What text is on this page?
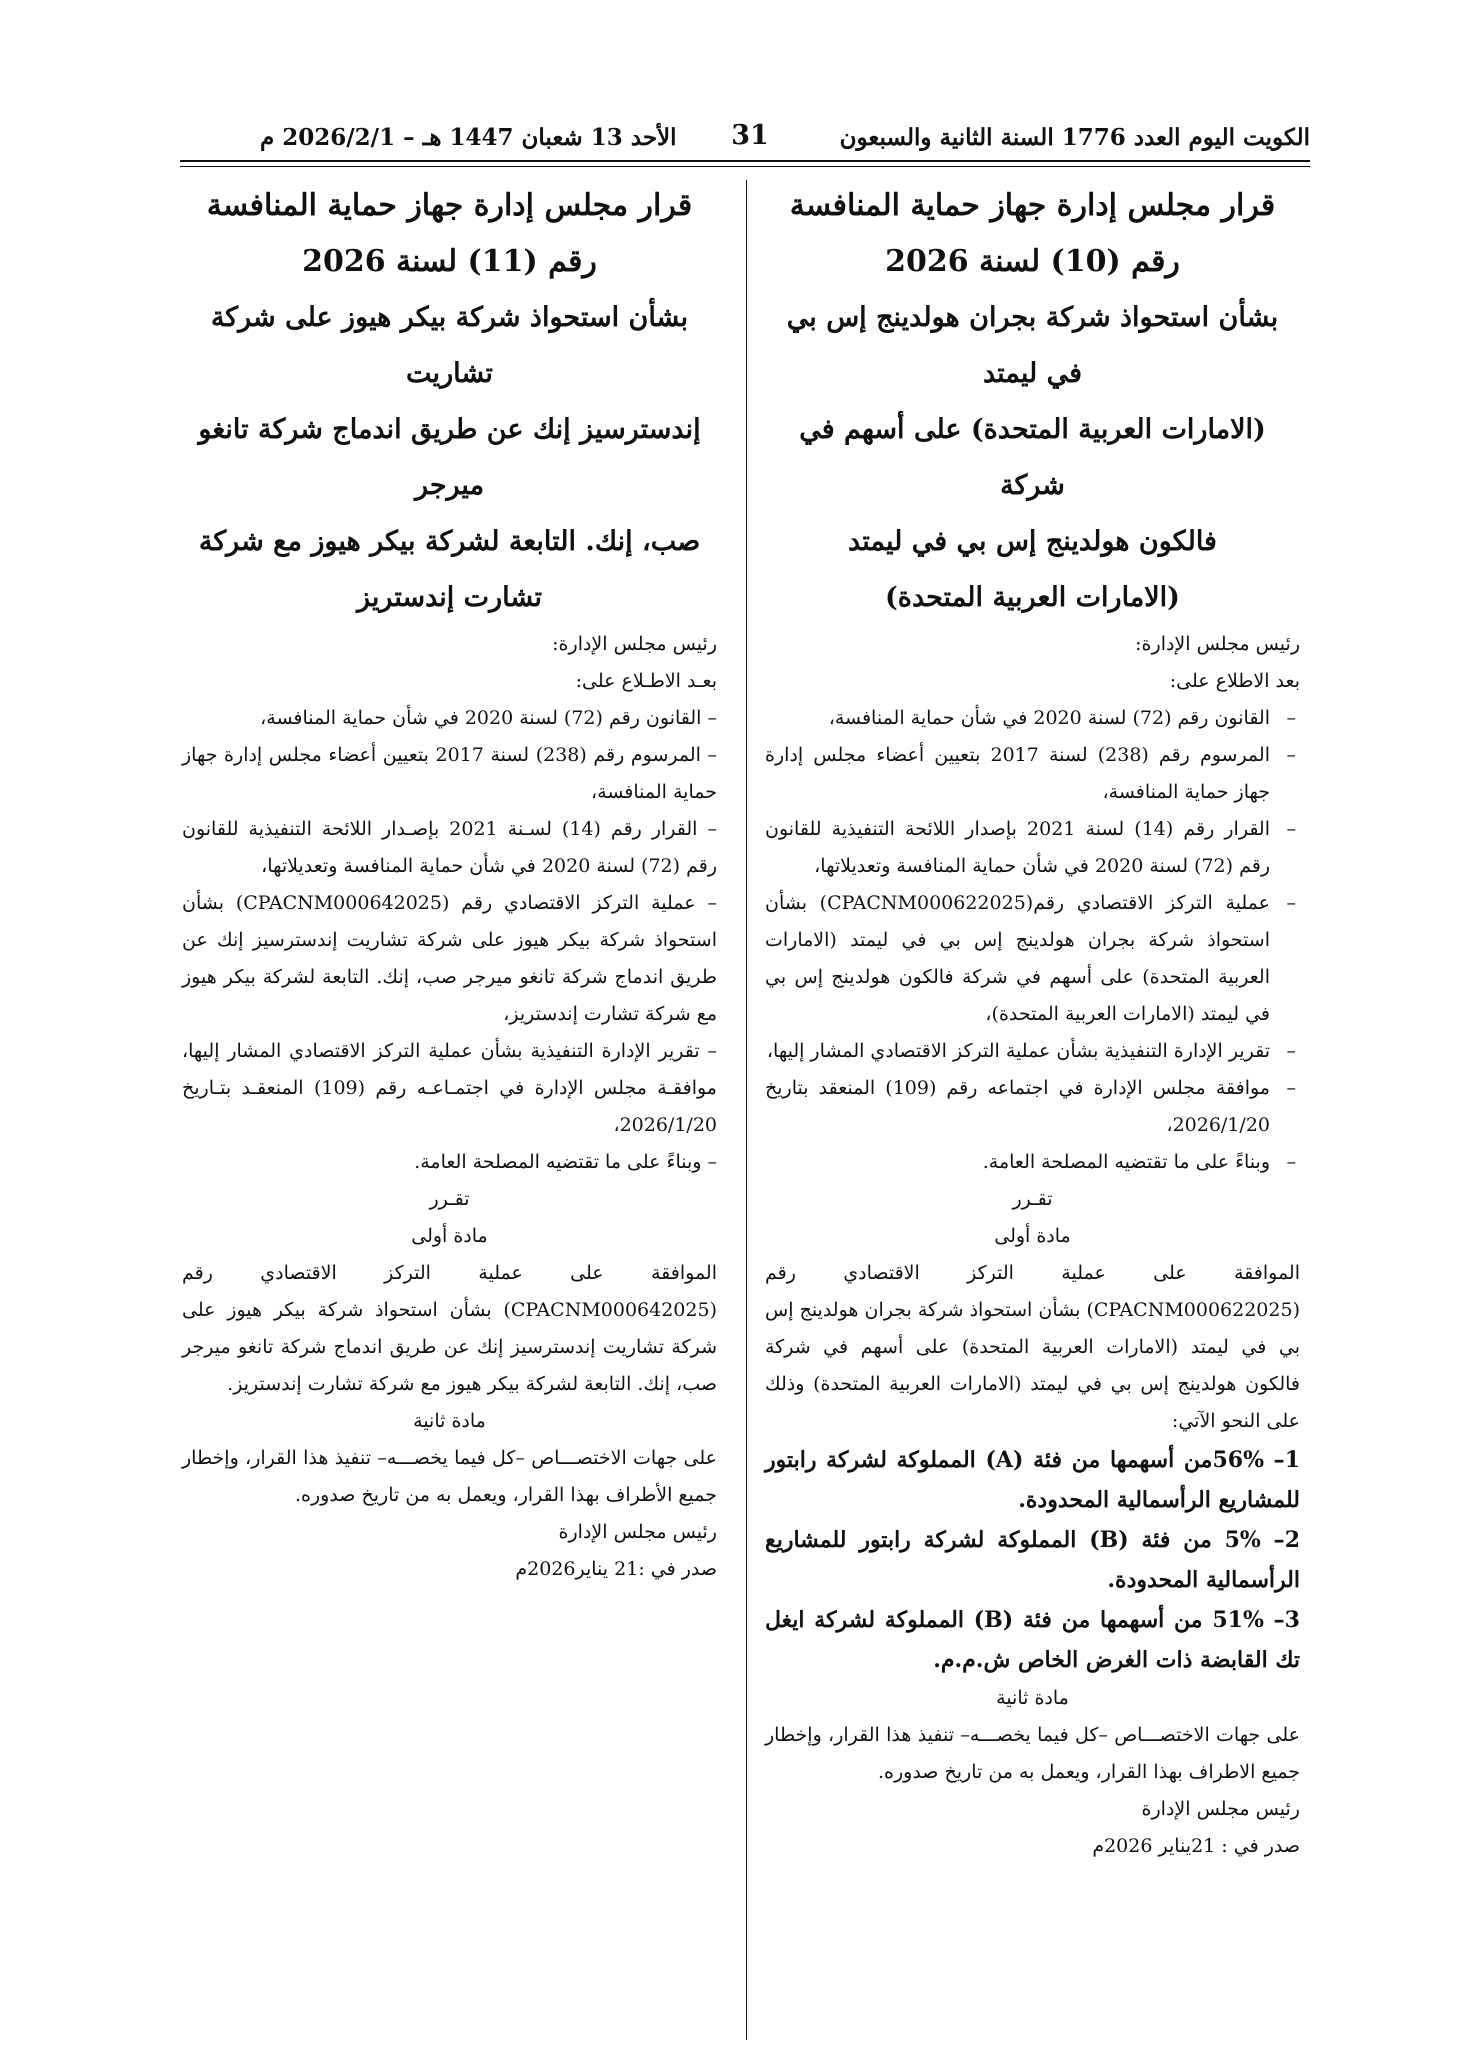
الكويت اليوم العدد 1776 السنة الثانية والسبعون
31
الأحد 13 شعبان 1447 هـ – 2026/2/1 م
قرار مجلس إدارة جهاز حماية المنافسة
رقم (10) لسنة 2026
بشأن استحواذ شركة بجران هولدينج إس بي في ليمتد
(الامارات العربية المتحدة) على أسهم في شركة
فالكون هولدينج إس بي في ليمتد
(الامارات العربية المتحدة)

رئيس مجلس الإدارة:

بعد الاطلاع على:

–
القانون رقم (72) لسنة 2020 في شأن حماية المنافسة،
–
المرسوم رقم (238) لسنة 2017 بتعيين أعضاء مجلس إدارة جهاز حماية المنافسة،
–
القرار رقم (14) لسنة 2021 بإصدار اللائحة التنفيذية للقانون رقم (72) لسنة 2020 في شأن حماية المنافسة وتعديلاتها،
–
عملية التركز الاقتصادي رقم(CPACNM000622025) بشأن استحواذ شركة بجران هولدينج إس بي في ليمتد (الامارات العربية المتحدة) على أسهم في شركة فالكون هولدينج إس بي في ليمتد (الامارات العربية المتحدة)،
–
تقرير الإدارة التنفيذية بشأن عملية التركز الاقتصادي المشار إليها،
–
موافقة مجلس الإدارة في اجتماعه رقم (109) المنعقد بتاريخ 2026/1/20،
–
وبناءً على ما تقتضيه المصلحة العامة.
تقـرر
مادة أولى

الموافقة على عملية التركز الاقتصادي رقم (CPACNM000622025) بشأن استحواذ شركة بجران هولدينج إس بي في ليمتد (الامارات العربية المتحدة) على أسهم في شركة فالكون هولدينج إس بي في ليمتد (الامارات العربية المتحدة) وذلك على النحو الآتي:

1– 56%من أسهمها من فئة (A) المملوكة لشركة رابتور للمشاريع الرأسمالية المحدودة.
2– 5% من فئة (B) المملوكة لشركة رابتور للمشاريع الرأسمالية المحدودة.
3– 51% من أسهمها من فئة (B) المملوكة لشركة ايغل تك القابضة ذات الغرض الخاص ش.م.م.
مادة ثانية

على جهات الاختصـــاص –كل فيما يخصـــه– تنفيذ هذا القرار، وإخطار جميع الاطراف بهذا القرار، ويعمل به من تاريخ صدوره.

رئيس مجلس الإدارة

صدر في : 21يناير 2026م

قرار مجلس إدارة جهاز حماية المنافسة
رقم (11) لسنة 2026
بشأن استحواذ شركة بيكر هيوز على شركة تشاريت
إندسترسيز إنك عن طريق اندماج شركة تانغو ميرجر
صب، إنك. التابعة لشركة بيكر هيوز مع شركة
تشارت إندستريز

رئيس مجلس الإدارة:

بعـد الاطـلاع على:

– القانون رقم (72) لسنة 2020 في شأن حماية المنافسة،
– المرسوم رقم (238) لسنة 2017 بتعيين أعضاء مجلس إدارة جهاز حماية المنافسة،
– القرار رقم (14) لسـنة 2021 بإصـدار اللائحة التنفيذية للقانون رقم (72) لسنة 2020 في شأن حماية المنافسة وتعديلاتها،
– عملية التركز الاقتصادي رقم (CPACNM000642025) بشأن استحواذ شركة بيكر هيوز على شركة تشاريت إندسترسيز إنك عن طريق اندماج شركة تانغو ميرجر صب، إنك. التابعة لشركة بيكر هيوز مع شركة تشارت إندستريز،
– تقرير الإدارة التنفيذية بشأن عملية التركز الاقتصادي المشار إليها، موافقـة مجلس الإدارة في اجتمـاعـه رقم (109) المنعقـد بتـاريخ 2026/1/20،
– وبناءً على ما تقتضيه المصلحة العامة.
تقـرر
مادة أولى

الموافقة على عملية التركز الاقتصادي رقم (CPACNM000642025) بشأن استحواذ شركة بيكر هيوز على شركة تشاريت إندسترسيز إنك عن طريق اندماج شركة تانغو ميرجر صب، إنك. التابعة لشركة بيكر هيوز مع شركة تشارت إندستريز.

مادة ثانية

على جهات الاختصـــاص –كل فيما يخصـــه– تنفيذ هذا القرار، وإخطار جميع الأطراف بهذا القرار، ويعمل به من تاريخ صدوره.

رئيس مجلس الإدارة

صدر في :21 يناير2026م
